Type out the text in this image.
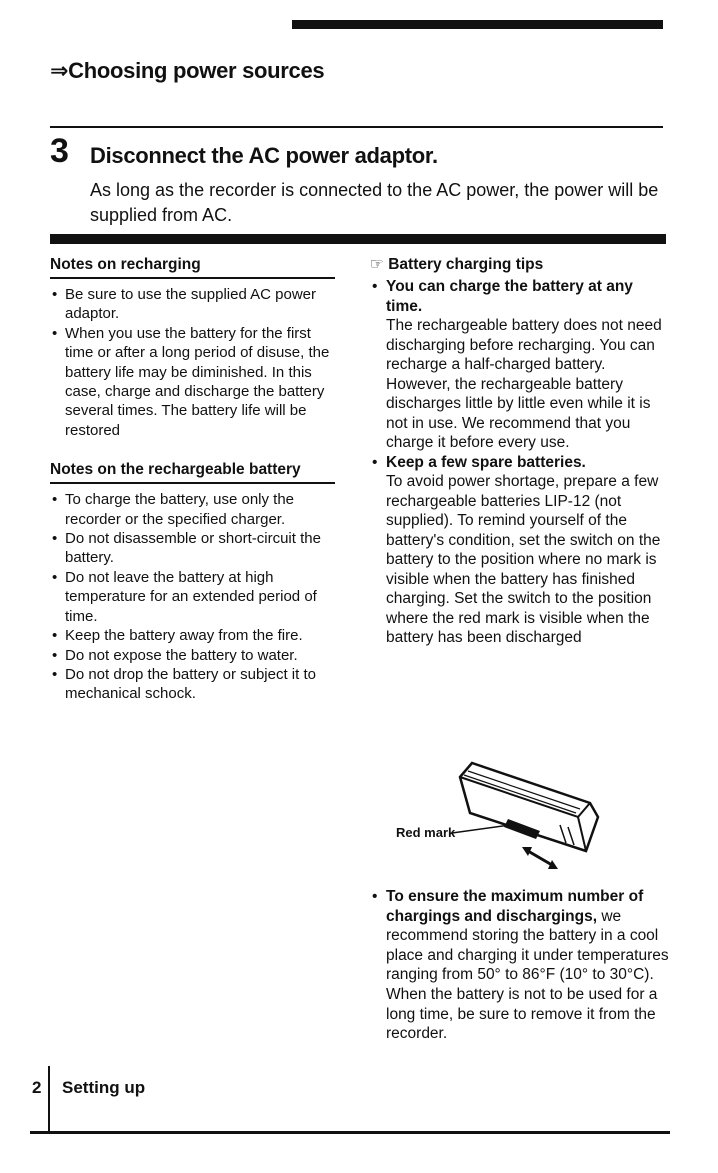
⇒Choosing power sources
3 Disconnect the AC power adaptor.
As long as the recorder is connected to the AC power, the power will be supplied from AC.
Notes on recharging
• Be sure to use the supplied AC power adaptor.
• When you use the battery for the first time or after a long period of disuse, the battery life may be diminished. In this case, charge and discharge the battery several times. The battery life will be restored
Notes on the rechargeable battery
• To charge the battery, use only the recorder or the specified charger.
• Do not disassemble or short-circuit the battery.
• Do not leave the battery at high temperature for an extended period of time.
• Keep the battery away from the fire.
• Do not expose the battery to water.
• Do not drop the battery or subject it to mechanical schock.
☞ Battery charging tips
• You can charge the battery at any time.
The rechargeable battery does not need discharging before recharging. You can recharge a half-charged battery. However, the rechargeable battery discharges little by little even while it is not in use. We recommend that you charge it before every use.
• Keep a few spare batteries.
To avoid power shortage, prepare a few rechargeable batteries LIP-12 (not supplied). To remind yourself of the battery's condition, set the switch on the battery to the position where no mark is visible when the battery has finished charging. Set the switch to the position where the red mark is visible when the battery has been discharged
Red mark
• To ensure the maximum number of chargings and dischargings, we recommend storing the battery in a cool place and charging it under temperatures ranging from 50° to 86°F (10° to 30°C). When the battery is not to be used for a long time, be sure to remove it from the recorder.
2 Setting up
